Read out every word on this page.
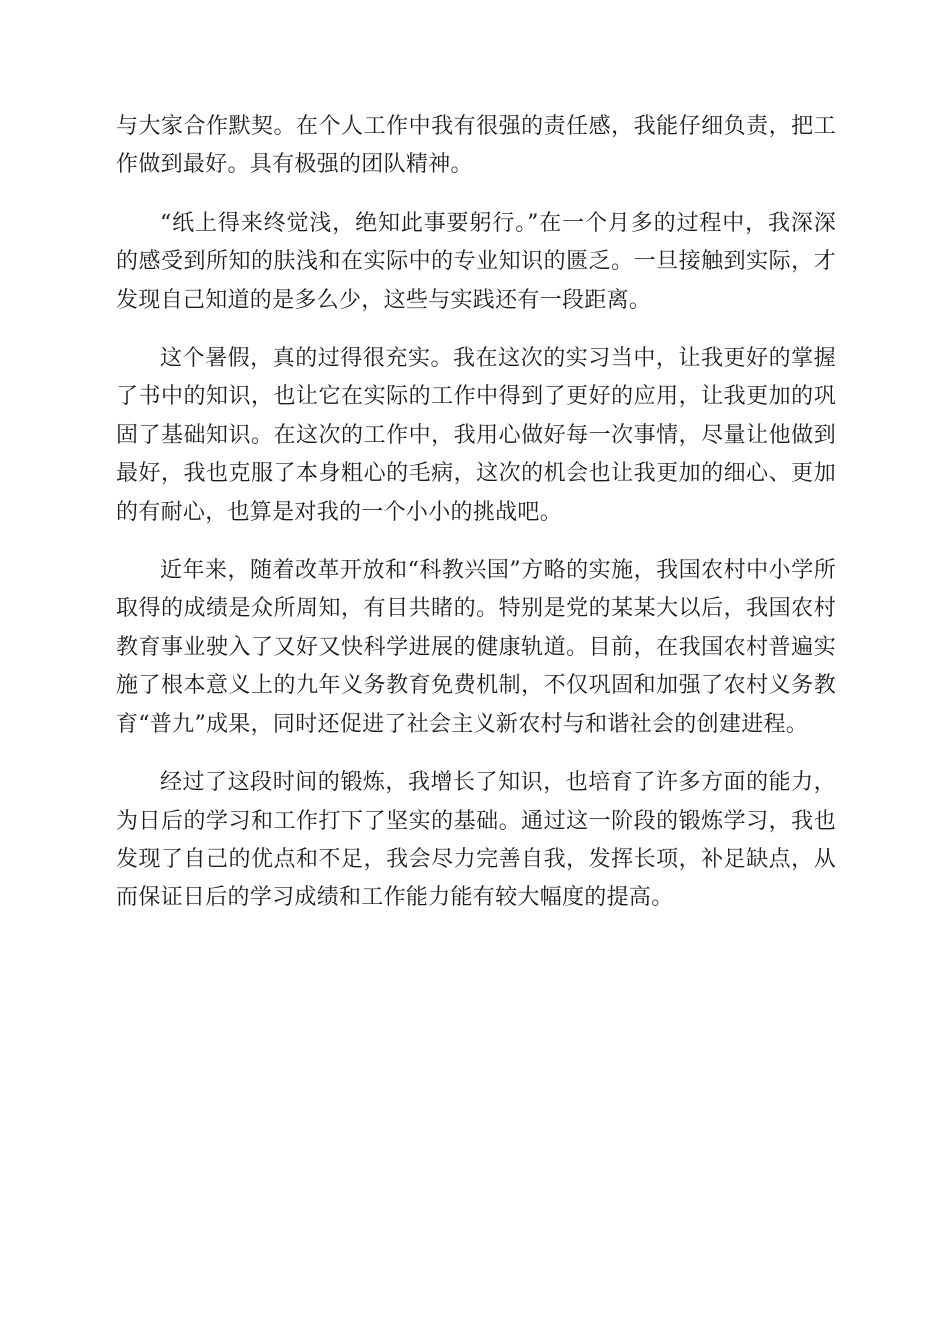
与大家合作默契。在个人工作中我有很强的责任感，我能仔细负责，把工作做到最好。具有极强的团队精神。

“纸上得来终觉浅，绝知此事要躬行。”在一个月多的过程中，我深深的感受到所知的肤浅和在实际中的专业知识的匮乏。一旦接触到实际，才发现自己知道的是多么少，这些与实践还有一段距离。

这个暑假，真的过得很充实。我在这次的实习当中，让我更好的掌握了书中的知识，也让它在实际的工作中得到了更好的应用，让我更加的巩固了基础知识。在这次的工作中，我用心做好每一次事情，尽量让他做到最好，我也克服了本身粗心的毛病，这次的机会也让我更加的细心、更加的有耐心，也算是对我的一个小小的挑战吧。

近年来，随着改革开放和“科教兴国”方略的实施，我国农村中小学所取得的成绩是众所周知，有目共睹的。特别是党的某某大以后，我国农村教育事业驶入了又好又快科学进展的健康轨道。目前，在我国农村普遍实施了根本意义上的九年义务教育免费机制，不仅巩固和加强了农村义务教育“普九”成果，同时还促进了社会主义新农村与和谐社会的创建进程。

经过了这段时间的锻炼，我增长了知识，也培育了许多方面的能力，为日后的学习和工作打下了坚实的基础。通过这一阶段的锻炼学习，我也发现了自己的优点和不足，我会尽力完善自我，发挥长项，补足缺点，从而保证日后的学习成绩和工作能力能有较大幅度的提高。
